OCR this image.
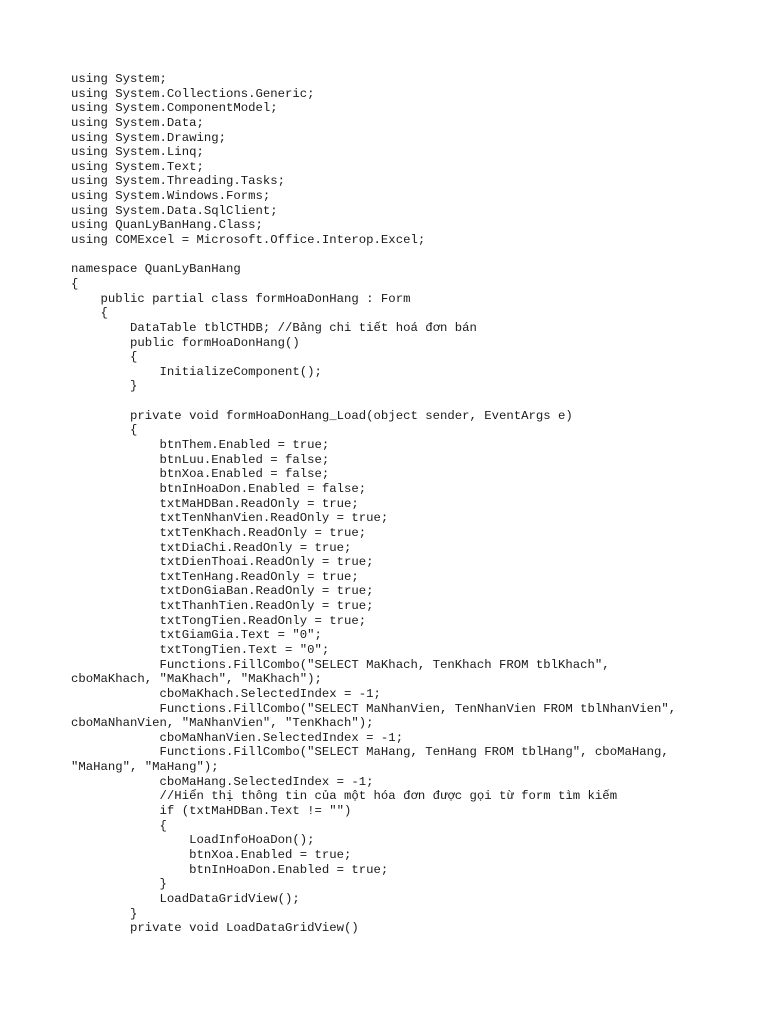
using System;
using System.Collections.Generic;
using System.ComponentModel;
using System.Data;
using System.Drawing;
using System.Linq;
using System.Text;
using System.Threading.Tasks;
using System.Windows.Forms;
using System.Data.SqlClient;
using QuanLyBanHang.Class;
using COMExcel = Microsoft.Office.Interop.Excel;
namespace QuanLyBanHang
{
public partial class formHoaDonHang : Form
{
DataTable tblCTHDB; //Bảng chi tiết hoá đơn bán
public formHoaDonHang()
{
InitializeComponent();
}
private void formHoaDonHang_Load(object sender, EventArgs e)
{
btnThem.Enabled = true;
btnLuu.Enabled = false;
btnXoa.Enabled = false;
btnInHoaDon.Enabled = false;
txtMaHDBan.ReadOnly = true;
txtTenNhanVien.ReadOnly = true;
txtTenKhach.ReadOnly = true;
txtDiaChi.ReadOnly = true;
txtDienThoai.ReadOnly = true;
txtTenHang.ReadOnly = true;
txtDonGiaBan.ReadOnly = true;
txtThanhTien.ReadOnly = true;
txtTongTien.ReadOnly = true;
txtGiamGia.Text = "0";
txtTongTien.Text = "0";
Functions.FillCombo("SELECT MaKhach, TenKhach FROM tblKhach",
cboMaKhach, "MaKhach", "MaKhach");
cboMaKhach.SelectedIndex = -1;
Functions.FillCombo("SELECT MaNhanVien, TenNhanVien FROM tblNhanVien",
cboMaNhanVien, "MaNhanVien", "TenKhach");
cboMaNhanVien.SelectedIndex = -1;
Functions.FillCombo("SELECT MaHang, TenHang FROM tblHang", cboMaHang,
"MaHang", "MaHang");
cboMaHang.SelectedIndex = -1;
//Hiển thị thông tin của một hóa đơn được gọi từ form tìm kiếm
if (txtMaHDBan.Text != "")
{
LoadInfoHoaDon();
btnXoa.Enabled = true;
btnInHoaDon.Enabled = true;
}
LoadDataGridView();
}
private void LoadDataGridView()
